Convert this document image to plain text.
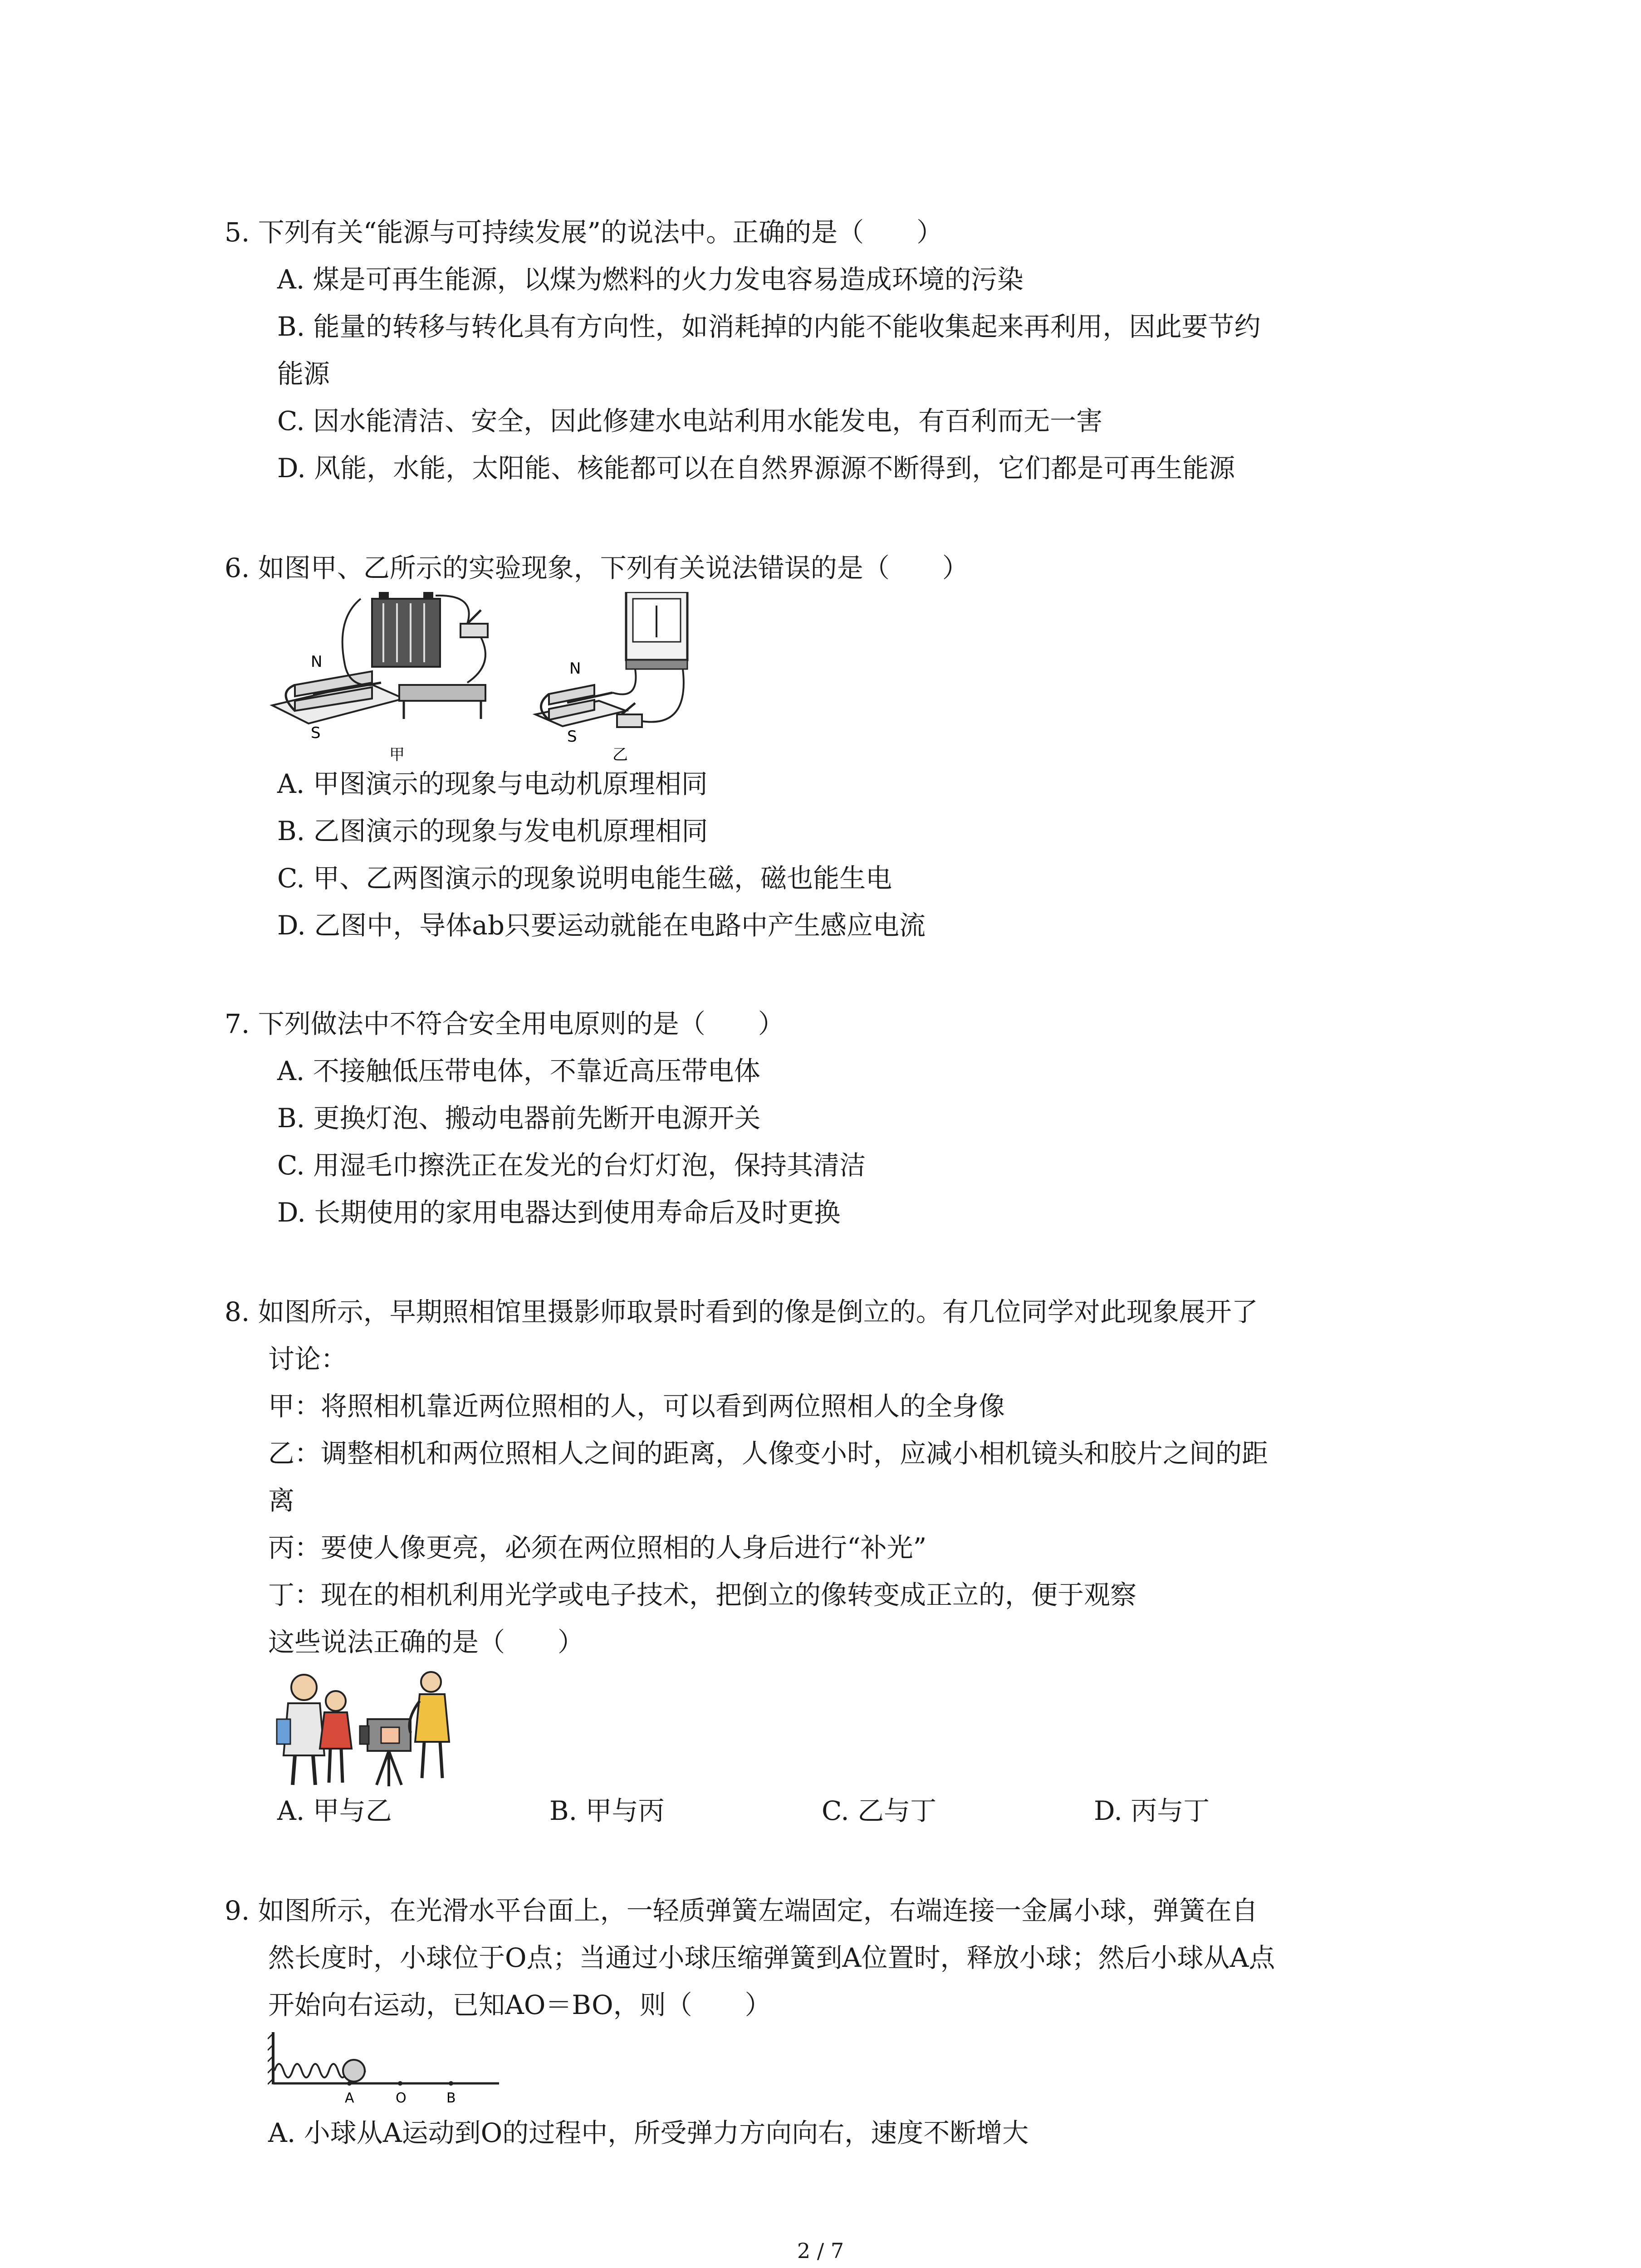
5. 下列有关“能源与可持续发展”的说法中。正确的是（　　）
A. 煤是可再生能源，以煤为燃料的火力发电容易造成环境的污染
B. 能量的转移与转化具有方向性，如消耗掉的内能不能收集起来再利用，因此要节约
能源
C. 因水能清洁、安全，因此修建水电站利用水能发电，有百利而无一害
D. 风能，水能，太阳能、核能都可以在自然界源源不断得到，它们都是可再生能源
6. 如图甲、乙所示的实验现象，下列有关说法错误的是（　　）
N
S
甲
N
S
乙
A. 甲图演示的现象与电动机原理相同
B. 乙图演示的现象与发电机原理相同
C. 甲、乙两图演示的现象说明电能生磁，磁也能生电
D. 乙图中，导体ab只要运动就能在电路中产生感应电流
7. 下列做法中不符合安全用电原则的是（　　）
A. 不接触低压带电体，不靠近高压带电体
B. 更换灯泡、搬动电器前先断开电源开关
C. 用湿毛巾擦洗正在发光的台灯灯泡，保持其清洁
D. 长期使用的家用电器达到使用寿命后及时更换
8. 如图所示，早期照相馆里摄影师取景时看到的像是倒立的。有几位同学对此现象展开了
讨论：
甲：将照相机靠近两位照相的人，可以看到两位照相人的全身像
乙：调整相机和两位照相人之间的距离，人像变小时，应减小相机镜头和胶片之间的距
离
丙：要使人像更亮，必须在两位照相的人身后进行“补光”
丁：现在的相机利用光学或电子技术，把倒立的像转变成正立的，便于观察
这些说法正确的是（　　）
A. 甲与乙	B. 甲与丙	C. 乙与丁	D. 丙与丁
9. 如图所示，在光滑水平台面上，一轻质弹簧左端固定，右端连接一金属小球，弹簧在自
然长度时，小球位于O点；当通过小球压缩弹簧到A位置时，释放小球；然后小球从A点
开始向右运动，已知AO＝BO，则（　　）
A	O	B
A. 小球从A运动到O的过程中，所受弹力方向向右，速度不断增大
2 / 7
